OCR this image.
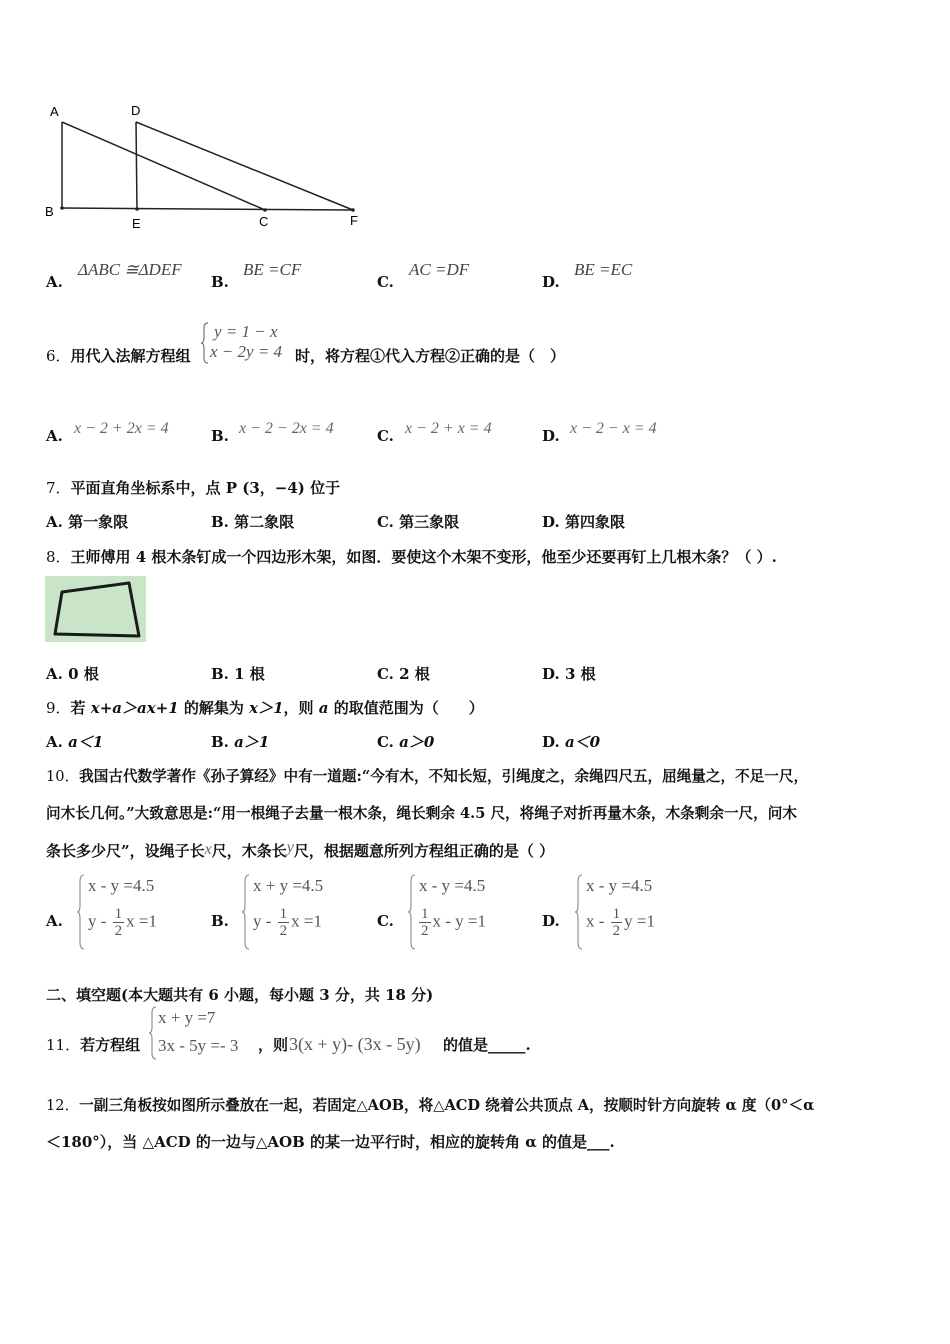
A	D
B
E	C	F
A.
ΔABC ≅ΔDEF
B.
BE =CF
C.
AC =DF
D.
BE =EC
6．用代入法解方程组
y = 1 − x
x − 2y = 4 时，将方程①代入方程②正确的是（　）
A. x − 2 + 2x = 4	B. x − 2 − 2x = 4	C. x − 2 + x = 4	D. x − 2 − x = 4
7．平面直角坐标系中，点 P (3，−4) 位于
A. 第一象限	B. 第二象限	C. 第三象限	D. 第四象限
8．王师傅用 4 根木条钉成一个四边形木架，如图．要使这个木架不变形，他至少还要再钉上几根木条？（ ）.
A. 0 根	B. 1 根	C. 2 根	D. 3 根
9．若 x+a＞ax+1 的解集为 x＞1，则 a 的取值范围为（　　）
A. a＜1	B. a＞1	C. a＞0	D. a＜0
10．我国古代数学著作《孙子算经》中有一道题:“今有木，不知长短，引绳度之，余绳四尺五，屈绳量之，不足一尺，
问木长几何。”大致意思是:“用一根绳子去量一根木条，绳长剩余 4.5 尺，将绳子对折再量木条，木条剩余一尺，问木
条长多少尺”，设绳子长x尺，木条长y尺，根据题意所列方程组正确的是（ ）
A.
x - y =4.5
y - $\frac{1}{2}$ x =1	B.
x + y =4.5
y - $\frac{1}{2}$ x =1	C.
x - y =4.5
$\frac{1}{2}$ x - y =1	D.
x - y =4.5
x - $\frac{1}{2}$ y =1
二、填空题(本大题共有 6 小题，每小题 3 分，共 18 分)
11．若方程组
x + y =7
3x - 5y =- 3 ，则 3(x + y)- (3x - 5y) 的值是_____.
12．一副三角板按如图所示叠放在一起，若固定△AOB，将△ACD 绕着公共顶点 A，按顺时针方向旋转 α 度（0°＜α
＜180°），当 △ACD 的一边与△AOB 的某一边平行时，相应的旋转角 α 的值是___.
